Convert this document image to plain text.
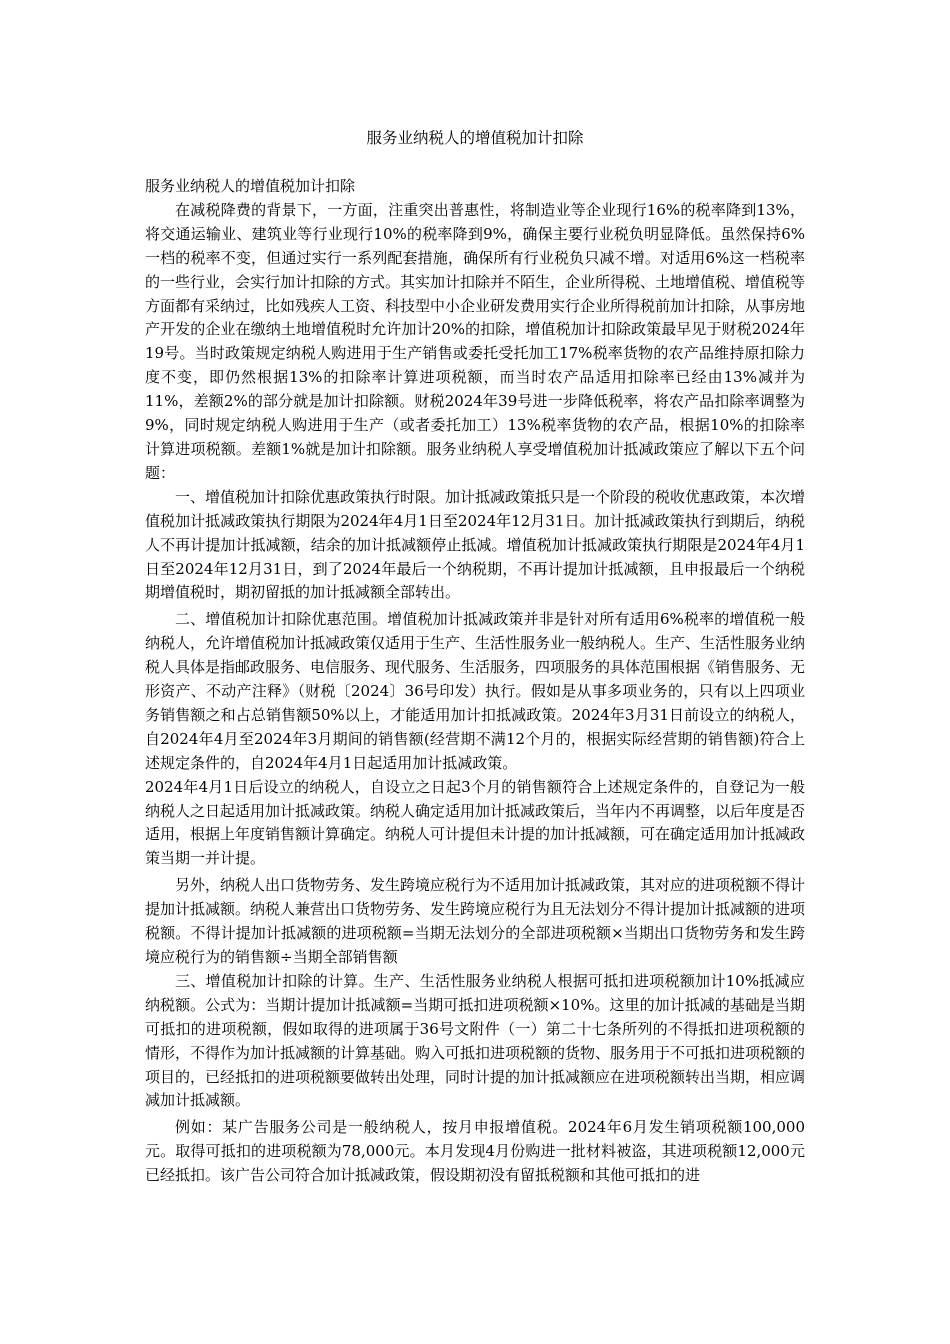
服务业纳税人的增值税加计扣除

服务业纳税人的增值税加计扣除

在减税降费的背景下，一方面，注重突出普惠性，将制造业等企业现行16%的税率降到13%，将交通运输业、建筑业等行业现行10%的税率降到9%，确保主要行业税负明显降低。虽然保持6%一档的税率不变，但通过实行一系列配套措施，确保所有行业税负只减不增。对适用6%这一档税率的一些行业，会实行加计扣除的方式。其实加计扣除并不陌生，企业所得税、土地增值税、增值税等方面都有采纳过，比如残疾人工资、科技型中小企业研发费用实行企业所得税前加计扣除，从事房地产开发的企业在缴纳土地增值税时允许加计20%的扣除，增值税加计扣除政策最早见于财税2024年19号。当时政策规定纳税人购进用于生产销售或委托受托加工17%税率货物的农产品维持原扣除力度不变，即仍然根据13%的扣除率计算进项税额，而当时农产品适用扣除率已经由13%减并为11%，差额2%的部分就是加计扣除额。财税2024年39号进一步降低税率，将农产品扣除率调整为9%，同时规定纳税人购进用于生产（或者委托加工）13%税率货物的农产品，根据10%的扣除率计算进项税额。差额1%就是加计扣除额。服务业纳税人享受增值税加计抵减政策应了解以下五个问题：

一、增值税加计扣除优惠政策执行时限。加计抵减政策抵只是一个阶段的税收优惠政策，本次增值税加计抵减政策执行期限为2024年4月1日至2024年12月31日。加计抵减政策执行到期后，纳税人不再计提加计抵减额，结余的加计抵减额停止抵减。增值税加计抵减政策执行期限是2024年4月1日至2024年12月31日，到了2024年最后一个纳税期，不再计提加计抵减额，且申报最后一个纳税期增值税时，期初留抵的加计抵减额全部转出。

二、增值税加计扣除优惠范围。增值税加计抵减政策并非是针对所有适用6%税率的增值税一般纳税人，允许增值税加计抵减政策仅适用于生产、生活性服务业一般纳税人。生产、生活性服务业纳税人具体是指邮政服务、电信服务、现代服务、生活服务，四项服务的具体范围根据《销售服务、无形资产、不动产注释》（财税〔2024〕36号印发）执行。假如是从事多项业务的，只有以上四项业务销售额之和占总销售额50%以上，才能适用加计扣抵减政策。2024年3月31日前设立的纳税人，自2024年4月至2024年3月期间的销售额(经营期不满12个月的，根据实际经营期的销售额)符合上述规定条件的，自2024年4月1日起适用加计抵减政策。

2024年4月1日后设立的纳税人，自设立之日起3个月的销售额符合上述规定条件的，自登记为一般纳税人之日起适用加计抵减政策。纳税人确定适用加计抵减政策后，当年内不再调整，以后年度是否适用，根据上年度销售额计算确定。纳税人可计提但未计提的加计抵减额，可在确定适用加计抵减政策当期一并计提。

另外，纳税人出口货物劳务、发生跨境应税行为不适用加计抵减政策，其对应的进项税额不得计提加计抵减额。纳税人兼营出口货物劳务、发生跨境应税行为且无法划分不得计提加计抵减额的进项税额。不得计提加计抵减额的进项税额=当期无法划分的全部进项税额×当期出口货物劳务和发生跨境应税行为的销售额÷当期全部销售额

三、增值税加计扣除的计算。生产、生活性服务业纳税人根据可抵扣进项税额加计10%抵减应纳税额。公式为：当期计提加计抵减额=当期可抵扣进项税额×10%。这里的加计抵减的基础是当期可抵扣的进项税额，假如取得的进项属于36号文附件（一）第二十七条所列的不得抵扣进项税额的情形，不得作为加计抵减额的计算基础。购入可抵扣进项税额的货物、服务用于不可抵扣进项税额的项目的，已经抵扣的进项税额要做转出处理，同时计提的加计抵减额应在进项税额转出当期，相应调减加计抵减额。

例如：某广告服务公司是一般纳税人，按月申报增值税。2024年6月发生销项税额100,000元。取得可抵扣的进项税额为78,000元。本月发现4月份购进一批材料被盗，其进项税额12,000元已经抵扣。该广告公司符合加计抵减政策，假设期初没有留抵税额和其他可抵扣的进
